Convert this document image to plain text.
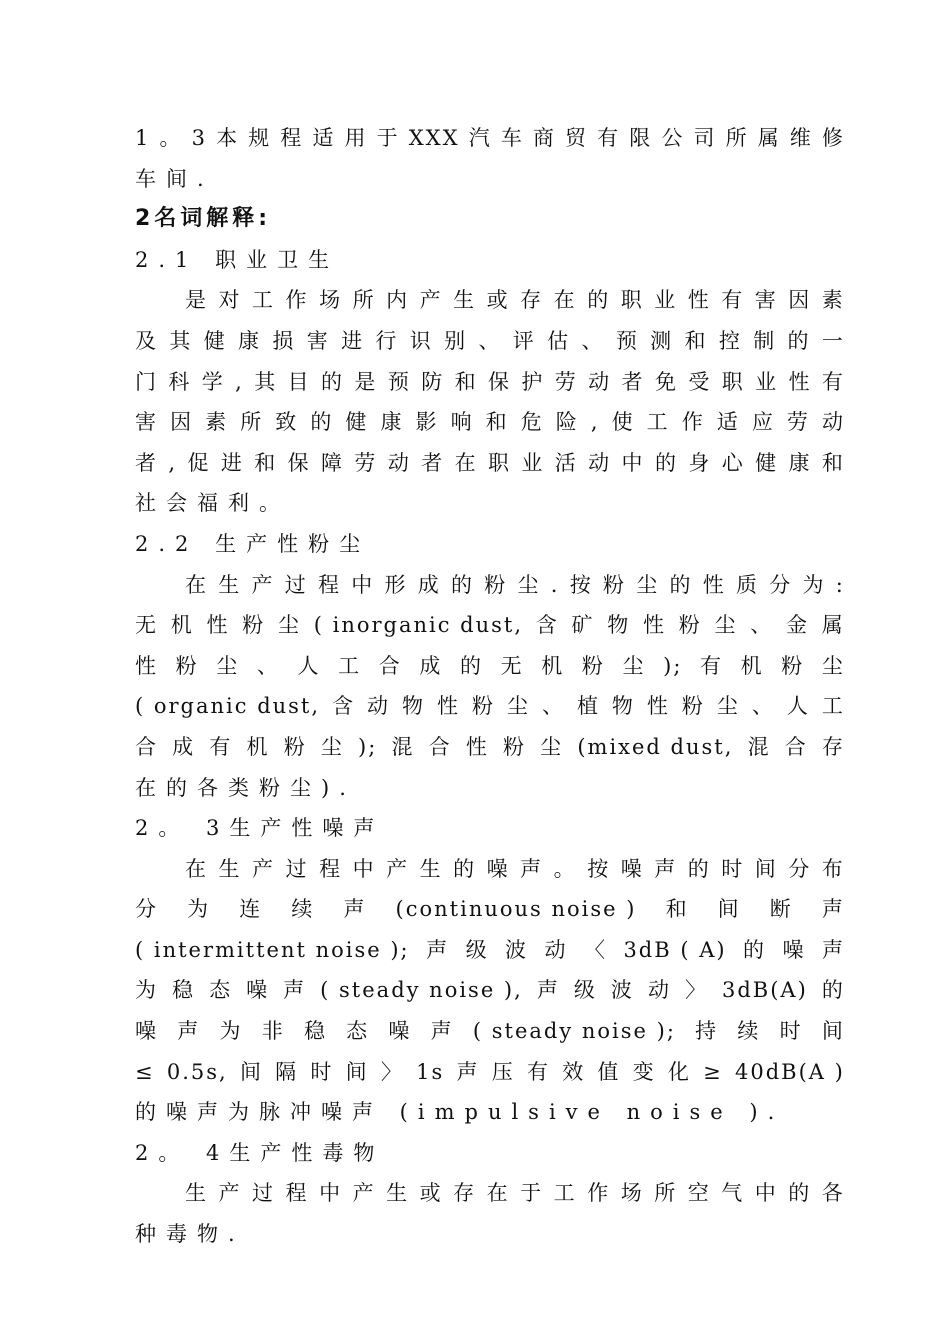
1 。 3 本 规 程 适 用 于 XXX 汽 车 商 贸 有 限 公 司 所 属 维 修
车间.
2名词解释:
2.1 职业卫生
是 对 工 作 场 所 内 产 生 或 存 在 的 职 业 性 有 害 因 素
及 其 健 康 损 害 进 行 识 别 、 评 估 、 预 测 和 控 制 的 一
门 科 学 , 其 目 的 是 预 防 和 保 护 劳 动 者 免 受 职 业 性 有
害 因 素 所 致 的 健 康 影 响 和 危 险 , 使 工 作 适 应 劳 动
者 , 促 进 和 保 障 劳 动 者 在 职 业 活 动 中 的 身 心 健 康 和
社会福利。
2.2 生产性粉尘
在 生 产 过 程 中 形 成 的 粉 尘 . 按 粉 尘 的 性 质 分 为 :
无 机 性 粉 尘 ( inorganic dust, 含 矿 物 性 粉 尘 、 金 属
性 粉 尘 、 人 工 合 成 的 无 机 粉 尘 ); 有 机 粉 尘
( organic dust, 含 动 物 性 粉 尘 、 植 物 性 粉 尘 、 人 工
合 成 有 机 粉 尘 ); 混 合 性 粉 尘 (mixed dust, 混 合 存
在的各类粉尘).
2。 3生产性噪声
在 生 产 过 程 中 产 生 的 噪 声 。 按 噪 声 的 时 间 分 布
分 为 连 续 声 (continuous noise ) 和 间 断 声
( intermittent noise ); 声 级 波 动 〈 3dB ( A) 的 噪 声
为 稳 态 噪 声 ( steady noise ), 声 级 波 动 〉 3dB(A) 的
噪 声 为 非 稳 态 噪 声 ( steady noise ); 持 续 时 间
≤ 0.5s, 间 隔 时 间 〉 1s 声 压 有 效 值 变 化 ≥ 40dB(A )
的噪声为脉冲噪声 (impulsive noise ).
2。 4生产性毒物
生 产 过 程 中 产 生 或 存 在 于 工 作 场 所 空 气 中 的 各
种毒物.
